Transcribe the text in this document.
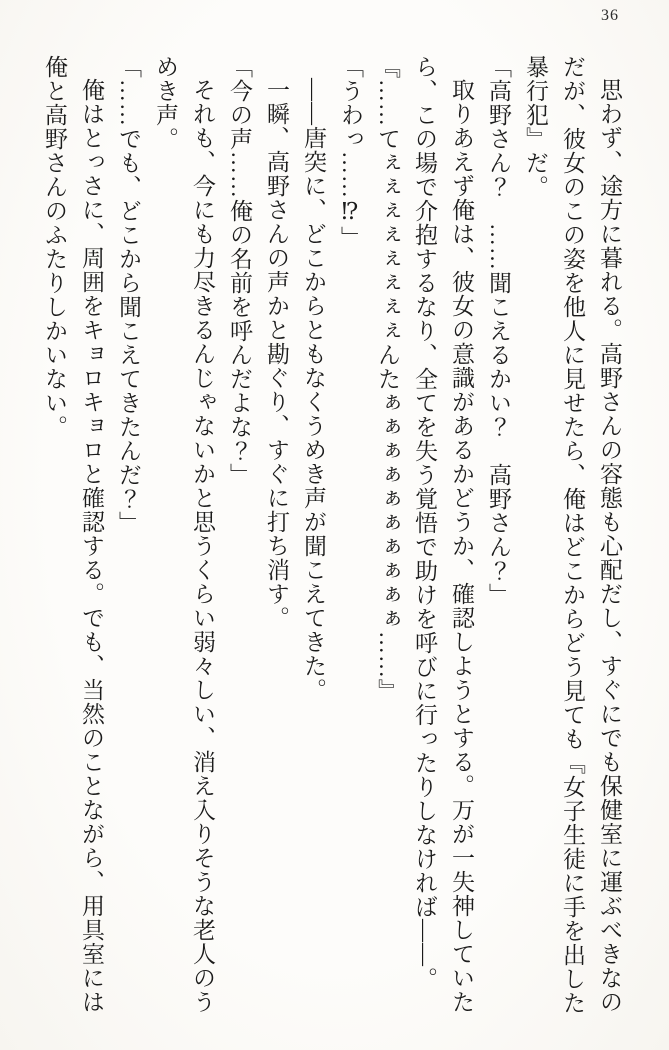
36
思わず、途方に暮れる。高野さんの容態も心配だし、すぐにでも保健室に運ぶべきなの
だが、彼女のこの姿を他人に見せたら、俺はどこからどう見ても『女子生徒に手を出した
暴行犯』だ。
「高野さん？　……聞こえるかい？　高野さん？」
取りあえず俺は、彼女の意識があるかどうか、確認しようとする。万が一失神していた
ら、この場で介抱するなり、全てを失う覚悟で助けを呼びに行ったりしなければ――。
『……てぇぇぇぇぇぇぇぇんたぁぁぁぁぁぁぁぁぁぁ……』
「うわっ……⁉」
――唐突に、どこからともなくうめき声が聞こえてきた。
一瞬、高野さんの声かと勘ぐり、すぐに打ち消す。
「今の声……俺の名前を呼んだよな？」
それも、今にも力尽きるんじゃないかと思うくらい弱々しい、消え入りそうな老人のう
めき声。
「……でも、どこから聞こえてきたんだ？」
俺はとっさに、周囲をキョロキョロと確認する。でも、当然のことながら、用具室には
俺と高野さんのふたりしかいない。
